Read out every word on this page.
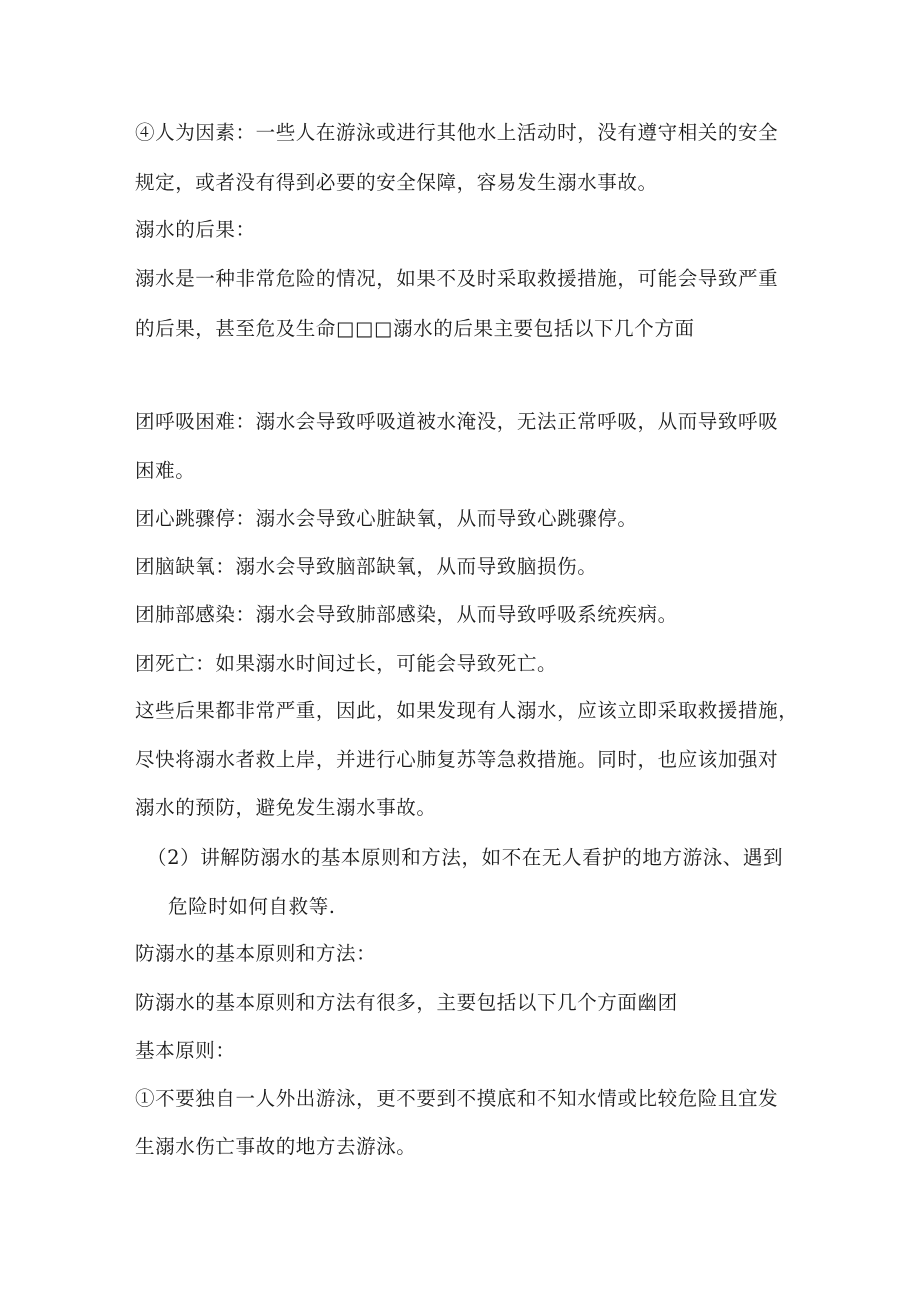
④人为因素：一些人在游泳或进行其他水上活动时，没有遵守相关的安全
规定，或者没有得到必要的安全保障，容易发生溺水事故。
溺水的后果：
溺水是一种非常危险的情况，如果不及时采取救援措施，可能会导致严重
的后果，甚至危及生命□□□溺水的后果主要包括以下几个方面
团呼吸困难：溺水会导致呼吸道被水淹没，无法正常呼吸，从而导致呼吸
困难。
团心跳骤停：溺水会导致心脏缺氧，从而导致心跳骤停。
团脑缺氧：溺水会导致脑部缺氧，从而导致脑损伤。
团肺部感染：溺水会导致肺部感染，从而导致呼吸系统疾病。
团死亡：如果溺水时间过长，可能会导致死亡。
这些后果都非常严重，因此，如果发现有人溺水，应该立即采取救援措施，
尽快将溺水者救上岸，并进行心肺复苏等急救措施。同时，也应该加强对
溺水的预防，避免发生溺水事故。
（2）讲解防溺水的基本原则和方法，如不在无人看护的地方游泳、遇到
危险时如何自救等.
防溺水的基本原则和方法：
防溺水的基本原则和方法有很多，主要包括以下几个方面幽团
基本原则：
①不要独自一人外出游泳，更不要到不摸底和不知水情或比较危险且宜发
生溺水伤亡事故的地方去游泳。
